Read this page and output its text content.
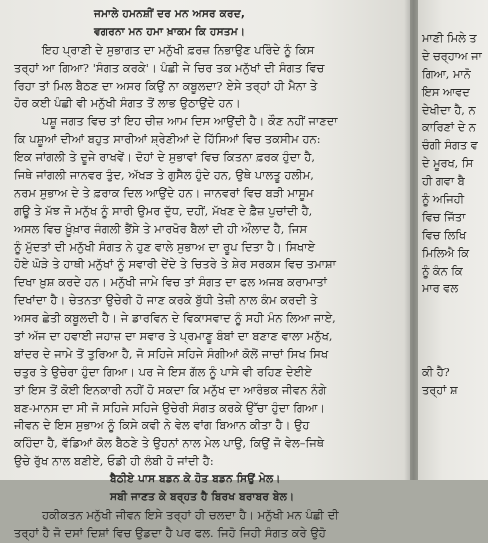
ਜਮਾਲੇ ਹਮਨਸ਼ੀਂ ਦਰ ਮਨ ਅਸਰ ਕਰਦ,
ਵਗਰਨਾ ਮਨ ਹਮਾ ਖ਼ਾਕਮ ਕਿ ਹਸਤਮ।
ਇਹ ਪ੍ਰਾਣੀ ਦੇ ਸੁਭਾਗਤ ਦਾ ਮਨੁੱਖੀ ਫ਼ਰਜ਼ ਨਿਭਾਉਣ ਪਰਿੰਦੇ ਨੂੰ ਕਿਸ
ਤਰ੍ਹਾਂ ਆ ਗਿਆ? 'ਸੰਗਤ ਕਰਕੇ'। ਪੰਛੀ ਜੇ ਚਿਰ ਤਕ ਮਨੁੱਖਾਂ ਦੀ ਸੰਗਤ ਵਿਚ
ਰਿਹਾ ਤਾਂ ਮਿਲ ਬੈਠਣ ਦਾ ਅਸਰ ਕਿਉਂ ਨਾ ਕਬੂਲਦਾ? ਏਸੇ ਤਰ੍ਹਾਂ ਹੀ ਮੈਨਾ ਤੇ
ਹੋਰ ਕਈ ਪੰਛੀ ਵੀ ਮਨੁੱਖੀ ਸੰਗਤ ਤੋਂ ਲਾਭ ਉਠਾਉਂਦੇ ਹਨ।
ਪਸ਼ੂ ਜਗਤ ਵਿਚ ਤਾਂ ਇਹ ਚੀਜ਼ ਆਮ ਦਿਸ ਆਉਂਦੀ ਹੈ। ਕੌਣ ਨਹੀਂ ਜਾਣਦਾ
ਕਿ ਪਸ਼ੂਆਂ ਦੀਆਂ ਬਹੁਤ ਸਾਰੀਆਂ ਸ਼੍ਰੇਣੀਆਂ ਦੇ ਹਿੱਸਿਆਂ ਵਿਚ ਤਕਸੀਮ ਹਨ:
ਇਕ ਜਾਂਗਲੀ ਤੇ ਦੂਜੇ ਰਾਖਵੇਂ। ਦੋਹਾਂ ਦੇ ਸੁਭਾਵਾਂ ਵਿਚ ਕਿਤਨਾ ਫ਼ਰਕ ਹੁੰਦਾ ਹੈ,
ਜਿਥੇ ਜਾਂਗਲੀ ਜਾਨਵਰ ਤੁੰਦ, ਅੱਖੜ ਤੇ ਗੁਸੈਲ ਹੁੰਦੇ ਹਨ, ਉਥੇ ਪਾਲਤੂ ਹਲੀਮ,
ਨਰਮ ਸੁਭਾਅ ਦੇ ਤੇ ਫ਼ਰਾਕ ਦਿਲ ਆਉਂਦੇ ਹਨ। ਜਾਨਵਰਾਂ ਵਿਚ ਬੜੀ ਮਾਸੂਮ
ਗਊ ਤੇ ਮੱਝ ਜੋ ਮਨੁੱਖ ਨੂੰ ਸਾਰੀ ਉਮਰ ਦੁੱਧ, ਦਹੀਂ, ਮੱਖਣ ਦੇ ਫ਼ੈਜ਼ ਪੁਚਾਂਦੀ ਹੈ,
ਅਸਲ ਵਿਚ ਖ਼ੂੰਖ਼ਾਰ ਜੰਗਲੀ ਭੈਂਸੇ ਤੇ ਮਾਰਖੋਰ ਬੈਲਾਂ ਦੀ ਹੀ ਔਲਾਦ ਹੈ, ਜਿਸ
ਨੂੰ ਮੁੱਦਤਾਂ ਦੀ ਮਨੁੱਖੀ ਸੰਗਤ ਨੇ ਹੁਣ ਵਾਲੇ ਸੁਭਾਅ ਦਾ ਰੂਪ ਦਿਤਾ ਹੈ। ਸਿਖਾਏ
ਹੋਏ ਘੋੜੇ ਤੇ ਹਾਥੀ ਮਨੁੱਖਾਂ ਨੂੰ ਸਵਾਰੀ ਦੇਂਦੇ ਤੇ ਚਿਤਰੇ ਤੇ ਸ਼ੇਰ ਸਰਕਸ ਵਿਚ ਤਮਾਸ਼ਾ
ਦਿਖਾ ਖ਼ੁਸ਼ ਕਰਦੇ ਹਨ। ਮਨੁੱਖੀ ਜਾਮੇ ਵਿਚ ਤਾਂ ਸੰਗਤ ਦਾ ਫਲ ਅਜਬ ਕਰਾਮਾਤਾਂ
ਦਿਖਾਂਦਾ ਹੈ। ਚੇਤਨਤਾ ਉਚੇਰੀ ਹੋ ਜਾਣ ਕਰਕੇ ਬੁੱਧੀ ਤੇਜ਼ੀ ਨਾਲ ਕੰਮ ਕਰਦੀ ਤੇ
ਅਸਰ ਛੇਤੀ ਕਬੂਲਦੀ ਹੈ। ਜੇ ਡਾਰਵਿਨ ਦੇ ਵਿਕਾਸਵਾਦ ਨੂੰ ਸਹੀ ਮੰਨ ਲਿਆ ਜਾਏ,
ਤਾਂ ਅੱਜ ਦਾ ਹਵਾਈ ਜਹਾਜ਼ ਦਾ ਸਵਾਰ ਤੇ ਪ੍ਰਮਾਣੂ ਬੰਬਾਂ ਦਾ ਬਣਾਣ ਵਾਲਾ ਮਨੁੱਖ,
ਬਾਂਦਰ ਦੇ ਜਾਮੇ ਤੋਂ ਤੁਰਿਆ ਹੈ, ਜੋ ਸਹਿਜੇ ਸਹਿਜੇ ਸੰਗੀਆਂ ਕੋਲੋਂ ਜਾਚਾਂ ਸਿਖ ਸਿਖ
ਚਤੁਰ ਤੇ ਉਚੇਰਾ ਹੁੰਦਾ ਗਿਆ। ਪਰ ਜੇ ਇਸ ਗੱਲ ਨੂੰ ਪਾਸੇ ਵੀ ਰਹਿਣ ਦੇਈਏ
ਤਾਂ ਇਸ ਤੋਂ ਕੋਈ ਇਨਕਾਰੀ ਨਹੀਂ ਹੋ ਸਕਦਾ ਕਿ ਮਨੁੱਖ ਦਾ ਆਰੰਭਕ ਜੀਵਨ ਨੰਗੇ
ਬਣ-ਮਾਨਸ ਦਾ ਸੀ ਜੋ ਸਹਿਜੇ ਸਹਿਜੇ ਉਚੇਰੀ ਸੰਗਤ ਕਰਕੇ ਉੱਚਾ ਹੁੰਦਾ ਗਿਆ।
ਜੀਵਨ ਦੇ ਇਸ ਸੁਭਾਅ ਨੂੰ ਕਿਸੇ ਕਵੀ ਨੇ ਵੇਲ ਵਾਂਗ ਬਿਆਨ ਕੀਤਾ ਹੈ। ਉਹ
ਕਹਿੰਦਾ ਹੈ, ਵੱਡਿਆਂ ਕੋਲ ਬੈਠਣੇ ਤੇ ਉਹਨਾਂ ਨਾਲ ਮੇਲ ਪਾਉ, ਕਿਉਂ ਜੋ ਵੇਲ–ਜਿਥੇ
ਉਚੇ ਰੁੱਖ ਨਾਲ ਬਣੀਏ, ਓਡੀ ਹੀ ਲੰਬੀ ਹੋ ਜਾਂਦੀ ਹੈ:
ਬੈਠੀਏ ਪਾਸ ਬਡਨ ਕੇ ਹੋਤ ਬਡਨ ਸਿਉਂ ਮੇਲ।
ਸਬੀ ਜਾਣਤ ਕੇ ਬਰ੍ਹਤ ਹੈ ਬਿਰਖ ਬਰਾਬਰ ਬੇਲ।
ਹਕੀਕਤਨ ਮਨੁੱਖੀ ਜੀਵਨ ਇਸੇ ਤਰ੍ਹਾਂ ਹੀ ਚਲਦਾ ਹੈ। ਮਨੁੱਖੀ ਮਨ ਪੰਛੀ ਦੀ
ਤਰ੍ਹਾਂ ਹੈ ਜੋ ਦਸਾਂ ਦਿਸ਼ਾਂ ਵਿਚ ਉਡਦਾ ਹੈ ਪਰ ਫਲ. ਜਿਹੋ ਜਿਹੀ ਸੰਗਤ ਕਰੇ ਉਹੋ
ਮਾਣੀ ਮਿਲੇ ਤ
ਦੇ ਚਰ੍ਹਾਅ ਜਾ
ਗਿਆ, ਮਾਨੋ
ਇਸ ਆਵਦ
ਦੇਖੀਦਾ ਹੈ, ਨ
ਕਾਰਿਣਾਂ ਦੇ ਨ
ਚੰਗੀ ਸੰਗਤ ਵ
ਦੇ ਮੂਰਖ, ਸਿ
ਹੀ ਗਵਾ ਬੈ
ਨੂੰ ਅਜਿਹੀ
ਵਿਚ ਜਿੱਤਾ
ਵਿਚ ਲਿਖਿ
ਮਿਲਿਐ ਕਿ
ਨੂੰ ਕੰਨ ਕਿ
ਮਾਰ ਵਲ
ਕੀ ਹੈ?
ਤਰ੍ਹਾਂ ਸ਼
